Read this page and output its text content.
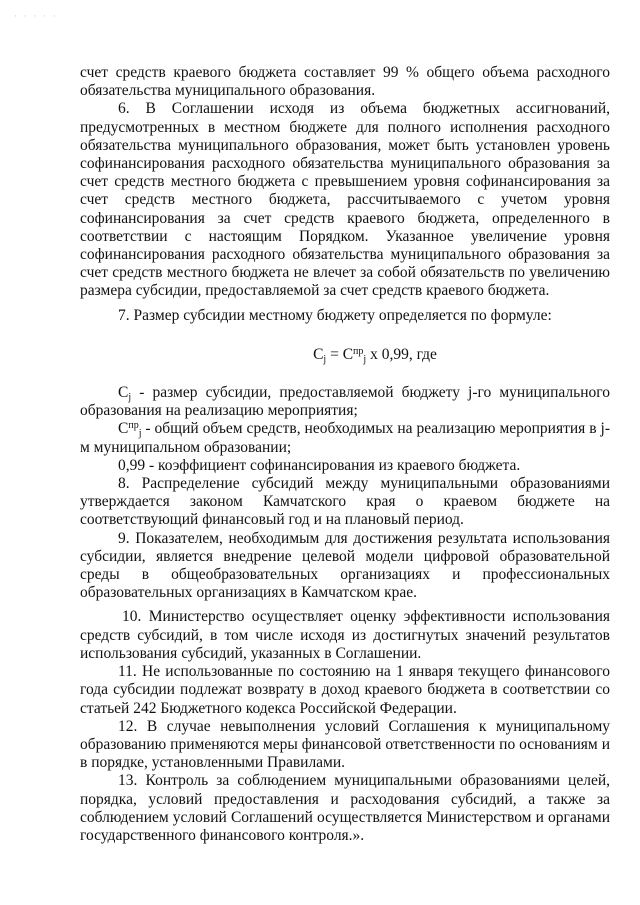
· · · · ·

счет средств краевого бюджета составляет 99 % общего объема расходного обязательства муниципального образования.

6. В Соглашении исходя из объема бюджетных ассигнований, предусмотренных в местном бюджете для полного исполнения расходного обязательства муниципального образования, может быть установлен уровень софинансирования расходного обязательства муниципального образования за счет средств местного бюджета с превышением уровня софинансирования за счет средств местного бюджета, рассчитываемого с учетом уровня софинансирования за счет средств краевого бюджета, определенного в соответствии с настоящим Порядком. Указанное увеличение уровня софинансирования расходного обязательства муниципального образования за счет средств местного бюджета не влечет за собой обязательств по увеличению размера субсидии, предоставляемой за счет средств краевого бюджета.

7. Размер субсидии местному бюджету определяется по формуле:

$C_j = C^{пр}_j$ х 0,99, где

$C_j$ - размер субсидии, предоставляемой бюджету j-го муниципального образования на реализацию мероприятия;

$C^{пр}_j$ - общий объем средств, необходимых на реализацию мероприятия в j-м муниципальном образовании;

0,99 - коэффициент софинансирования из краевого бюджета.

8. Распределение субсидий между муниципальными образованиями утверждается законом Камчатского края о краевом бюджете на соответствующий финансовый год и на плановый период.

9. Показателем, необходимым для достижения результата использования субсидии, является внедрение целевой модели цифровой образовательной среды в общеобразовательных организациях и профессиональных образовательных организациях в Камчатском крае.

10. Министерство осуществляет оценку эффективности использования средств субсидий, в том числе исходя из достигнутых значений результатов использования субсидий, указанных в Соглашении.

11. Не использованные по состоянию на 1 января текущего финансового года субсидии подлежат возврату в доход краевого бюджета в соответствии со статьей 242 Бюджетного кодекса Российской Федерации.

12. В случае невыполнения условий Соглашения к муниципальному образованию применяются меры финансовой ответственности по основаниям и в порядке, установленными Правилами.

13. Контроль за соблюдением муниципальными образованиями целей, порядка, условий предоставления и расходования субсидий, а также за соблюдением условий Соглашений осуществляется Министерством и органами государственного финансового контроля.».
